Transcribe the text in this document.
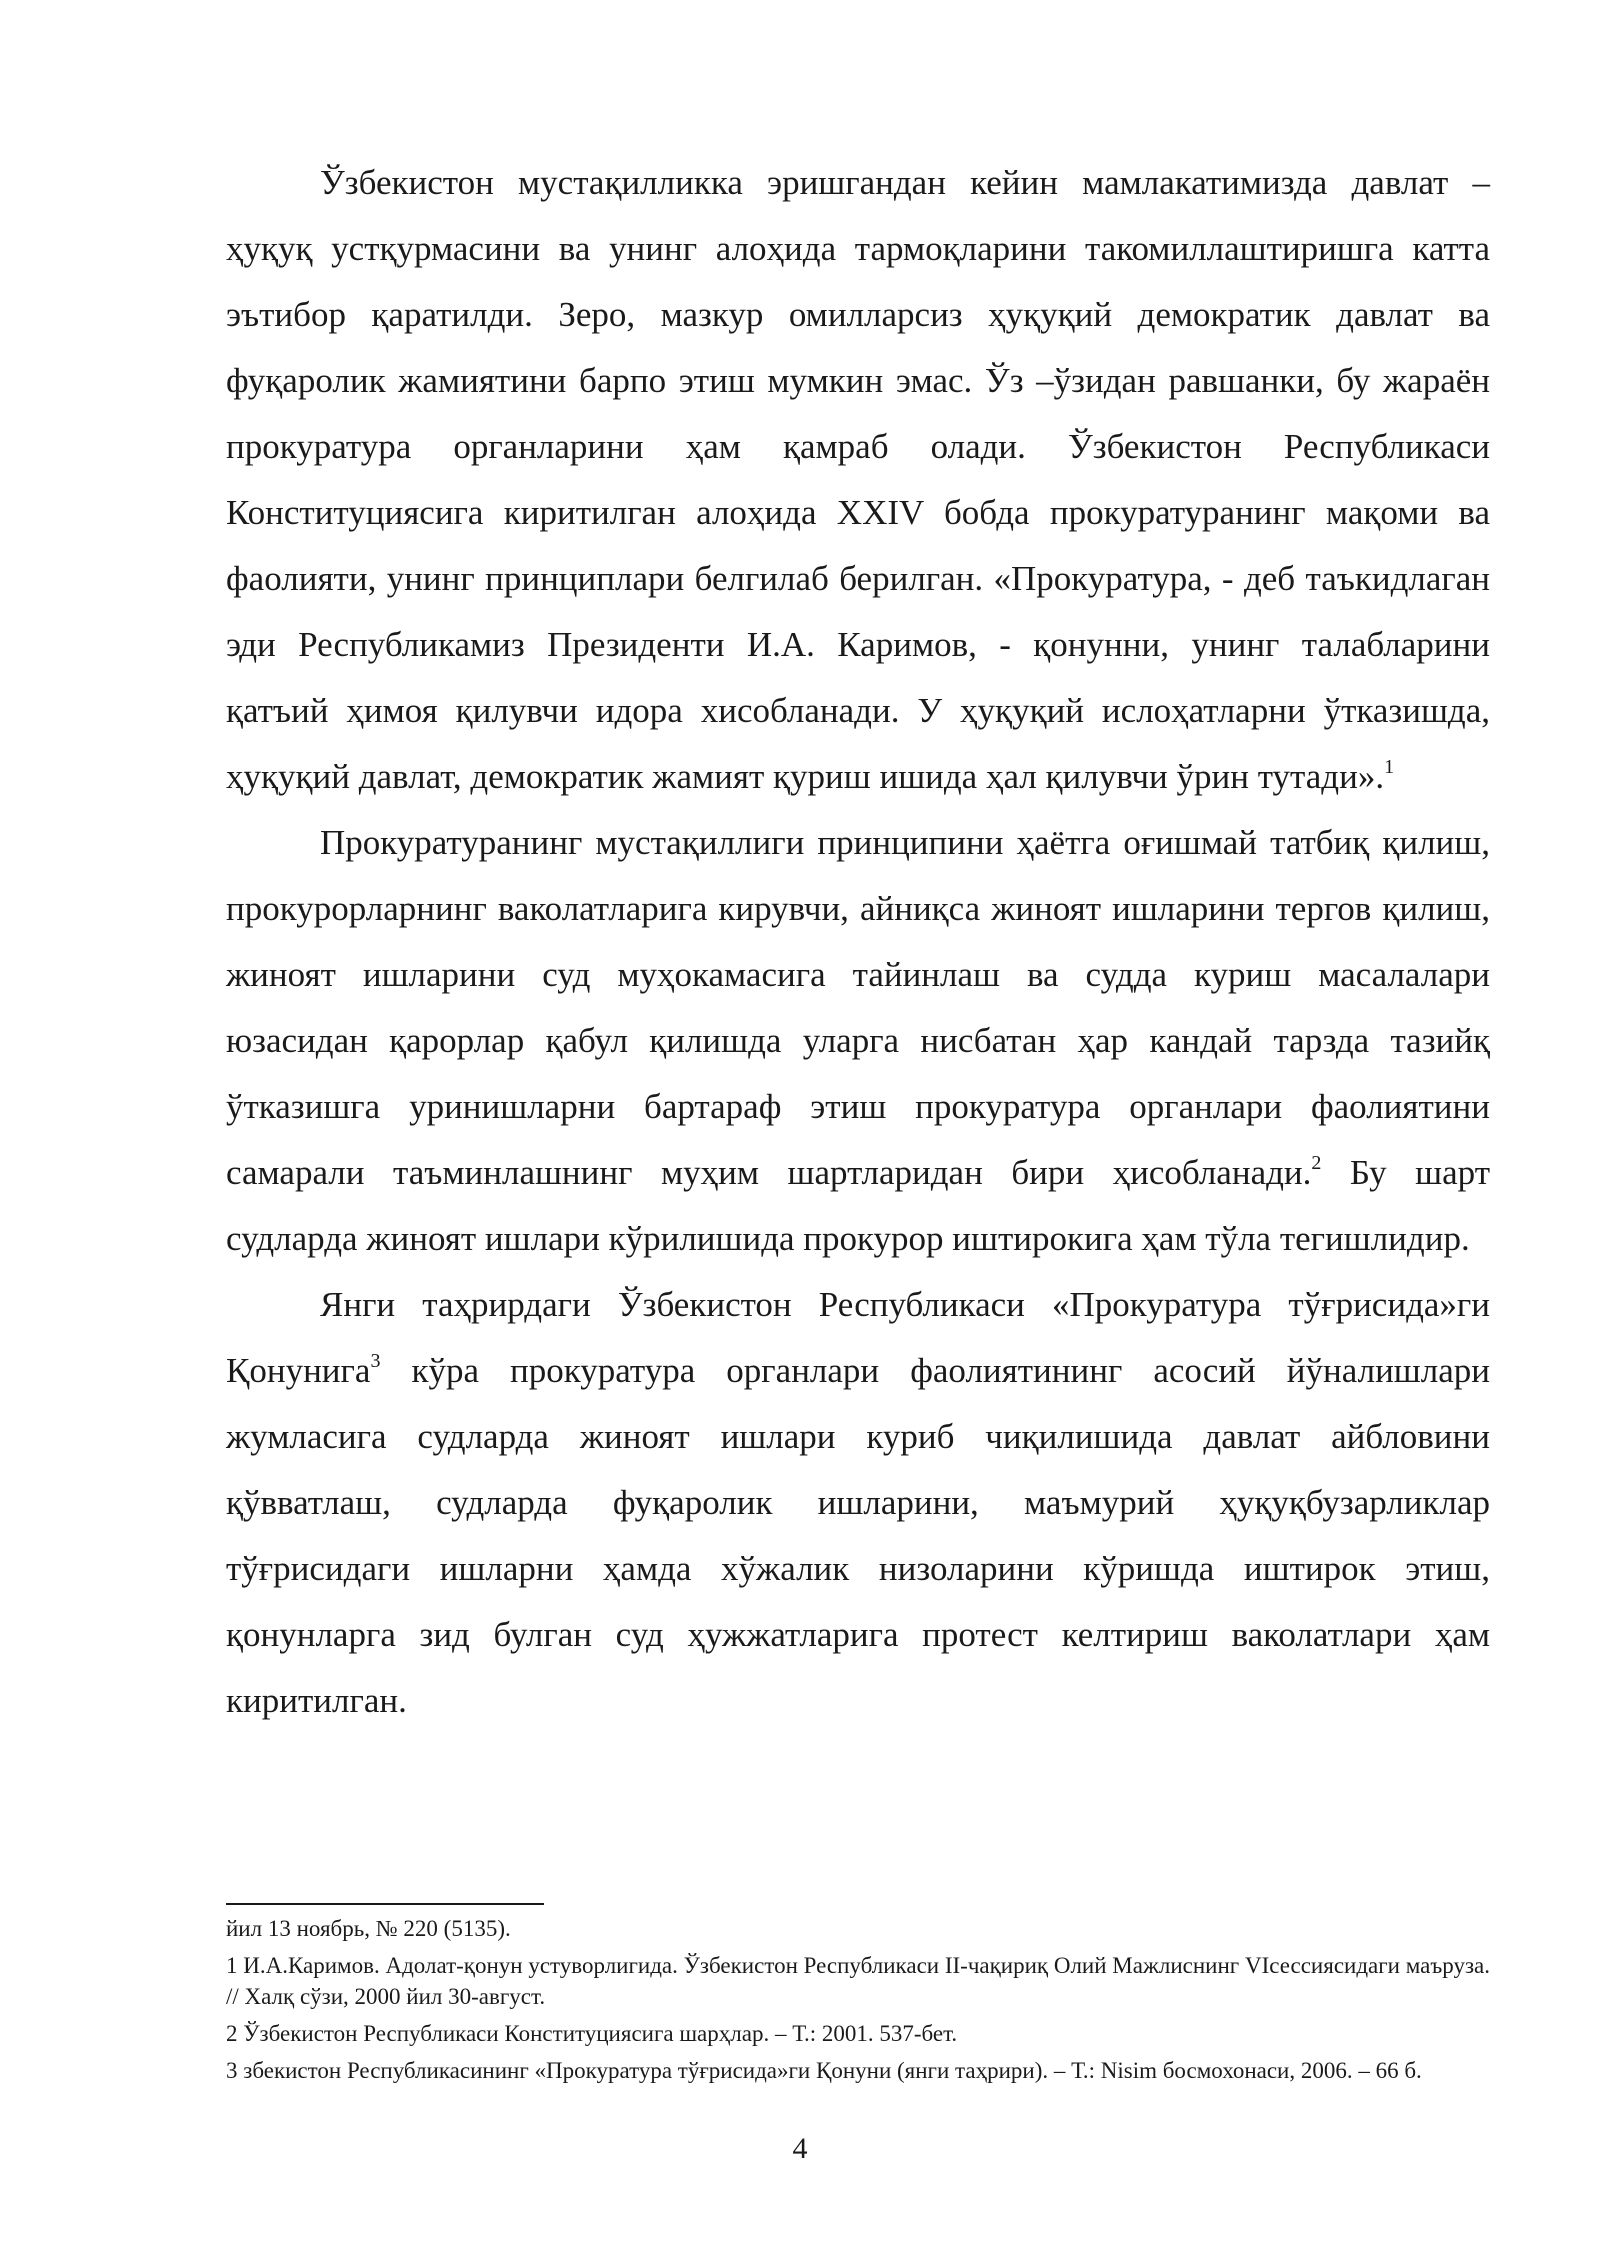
Ўзбекистон мустақилликка эришгандан кейин мамлакатимизда давлат – ҳуқуқ устқурмасини ва унинг алоҳида тармоқларини такомиллаштиришга катта эътибор қаратилди. Зеро, мазкур омилларсиз ҳуқуқий демократик давлат ва фуқаролик жамиятини барпо этиш мумкин эмас. Ўз –ўзидан равшанки, бу жараён прокуратура органларини ҳам қамраб олади. Ўзбекистон Республикаси Конституциясига киритилган алоҳида XXIV бобда прокуратуранинг мақоми ва фаолияти, унинг принциплари белгилаб берилган. «Прокуратура, - деб таъкидлаган эди Республикамиз Президенти И.А. Каримов, - қонунни, унинг талабларини қатъий ҳимоя қилувчи идора хисобланади. У ҳуқуқий ислоҳатларни ўтказишда, ҳуқуқий давлат, демократик жамият қуриш ишида ҳал қилувчи ўрин тутади».$^1$

Прокуратуранинг мустақиллиги принципини ҳаётга оғишмай татбиқ қилиш, прокурорларнинг ваколатларига кирувчи, айниқса жиноят ишларини тергов қилиш, жиноят ишларини суд муҳокамасига тайинлаш ва судда куриш масалалари юзасидан қарорлар қабул қилишда уларга нисбатан ҳар кандай тарзда тазийқ ўтказишга уринишларни бартараф этиш прокуратура органлари фаолиятини самарали таъминлашнинг муҳим шартларидан бири ҳисобланади.$^2$ Бу шарт судларда жиноят ишлари кўрилишида прокурор иштирокига ҳам тўла тегишлидир.

Янги таҳрирдаги Ўзбекистон Республикаси «Прокуратура тўғрисида»ги Қонунига$^3$ кўра прокуратура органлари фаолиятининг асосий йўналишлари жумласига судларда жиноят ишлари куриб чиқилишида давлат айбловини қўвватлаш, судларда фуқаролик ишларини, маъмурий ҳуқуқбузарликлар тўғрисидаги ишларни ҳамда хўжалик низоларини кўришда иштирок этиш, қонунларга зид булган суд ҳужжатларига протест келтириш ваколатлари ҳам киритилган.

йил 13 ноябрь, № 220 (5135).

1 И.А.Каримов. Адолат-қонун устуворлигида. Ўзбекистон Республикаси II-чақириқ Олий Мажлиснинг VIсессиясидаги маъруза. // Халқ сўзи, 2000 йил 30-август.

2 Ўзбекистон Республикаси Конституциясига шарҳлар. – Т.: 2001. 537-бет.

3 збекистон Республикасининг «Прокуратура тўғрисида»ги Қонуни (янги таҳрири). – Т.: Nisim босмохонаси, 2006. – 66 б.

4
